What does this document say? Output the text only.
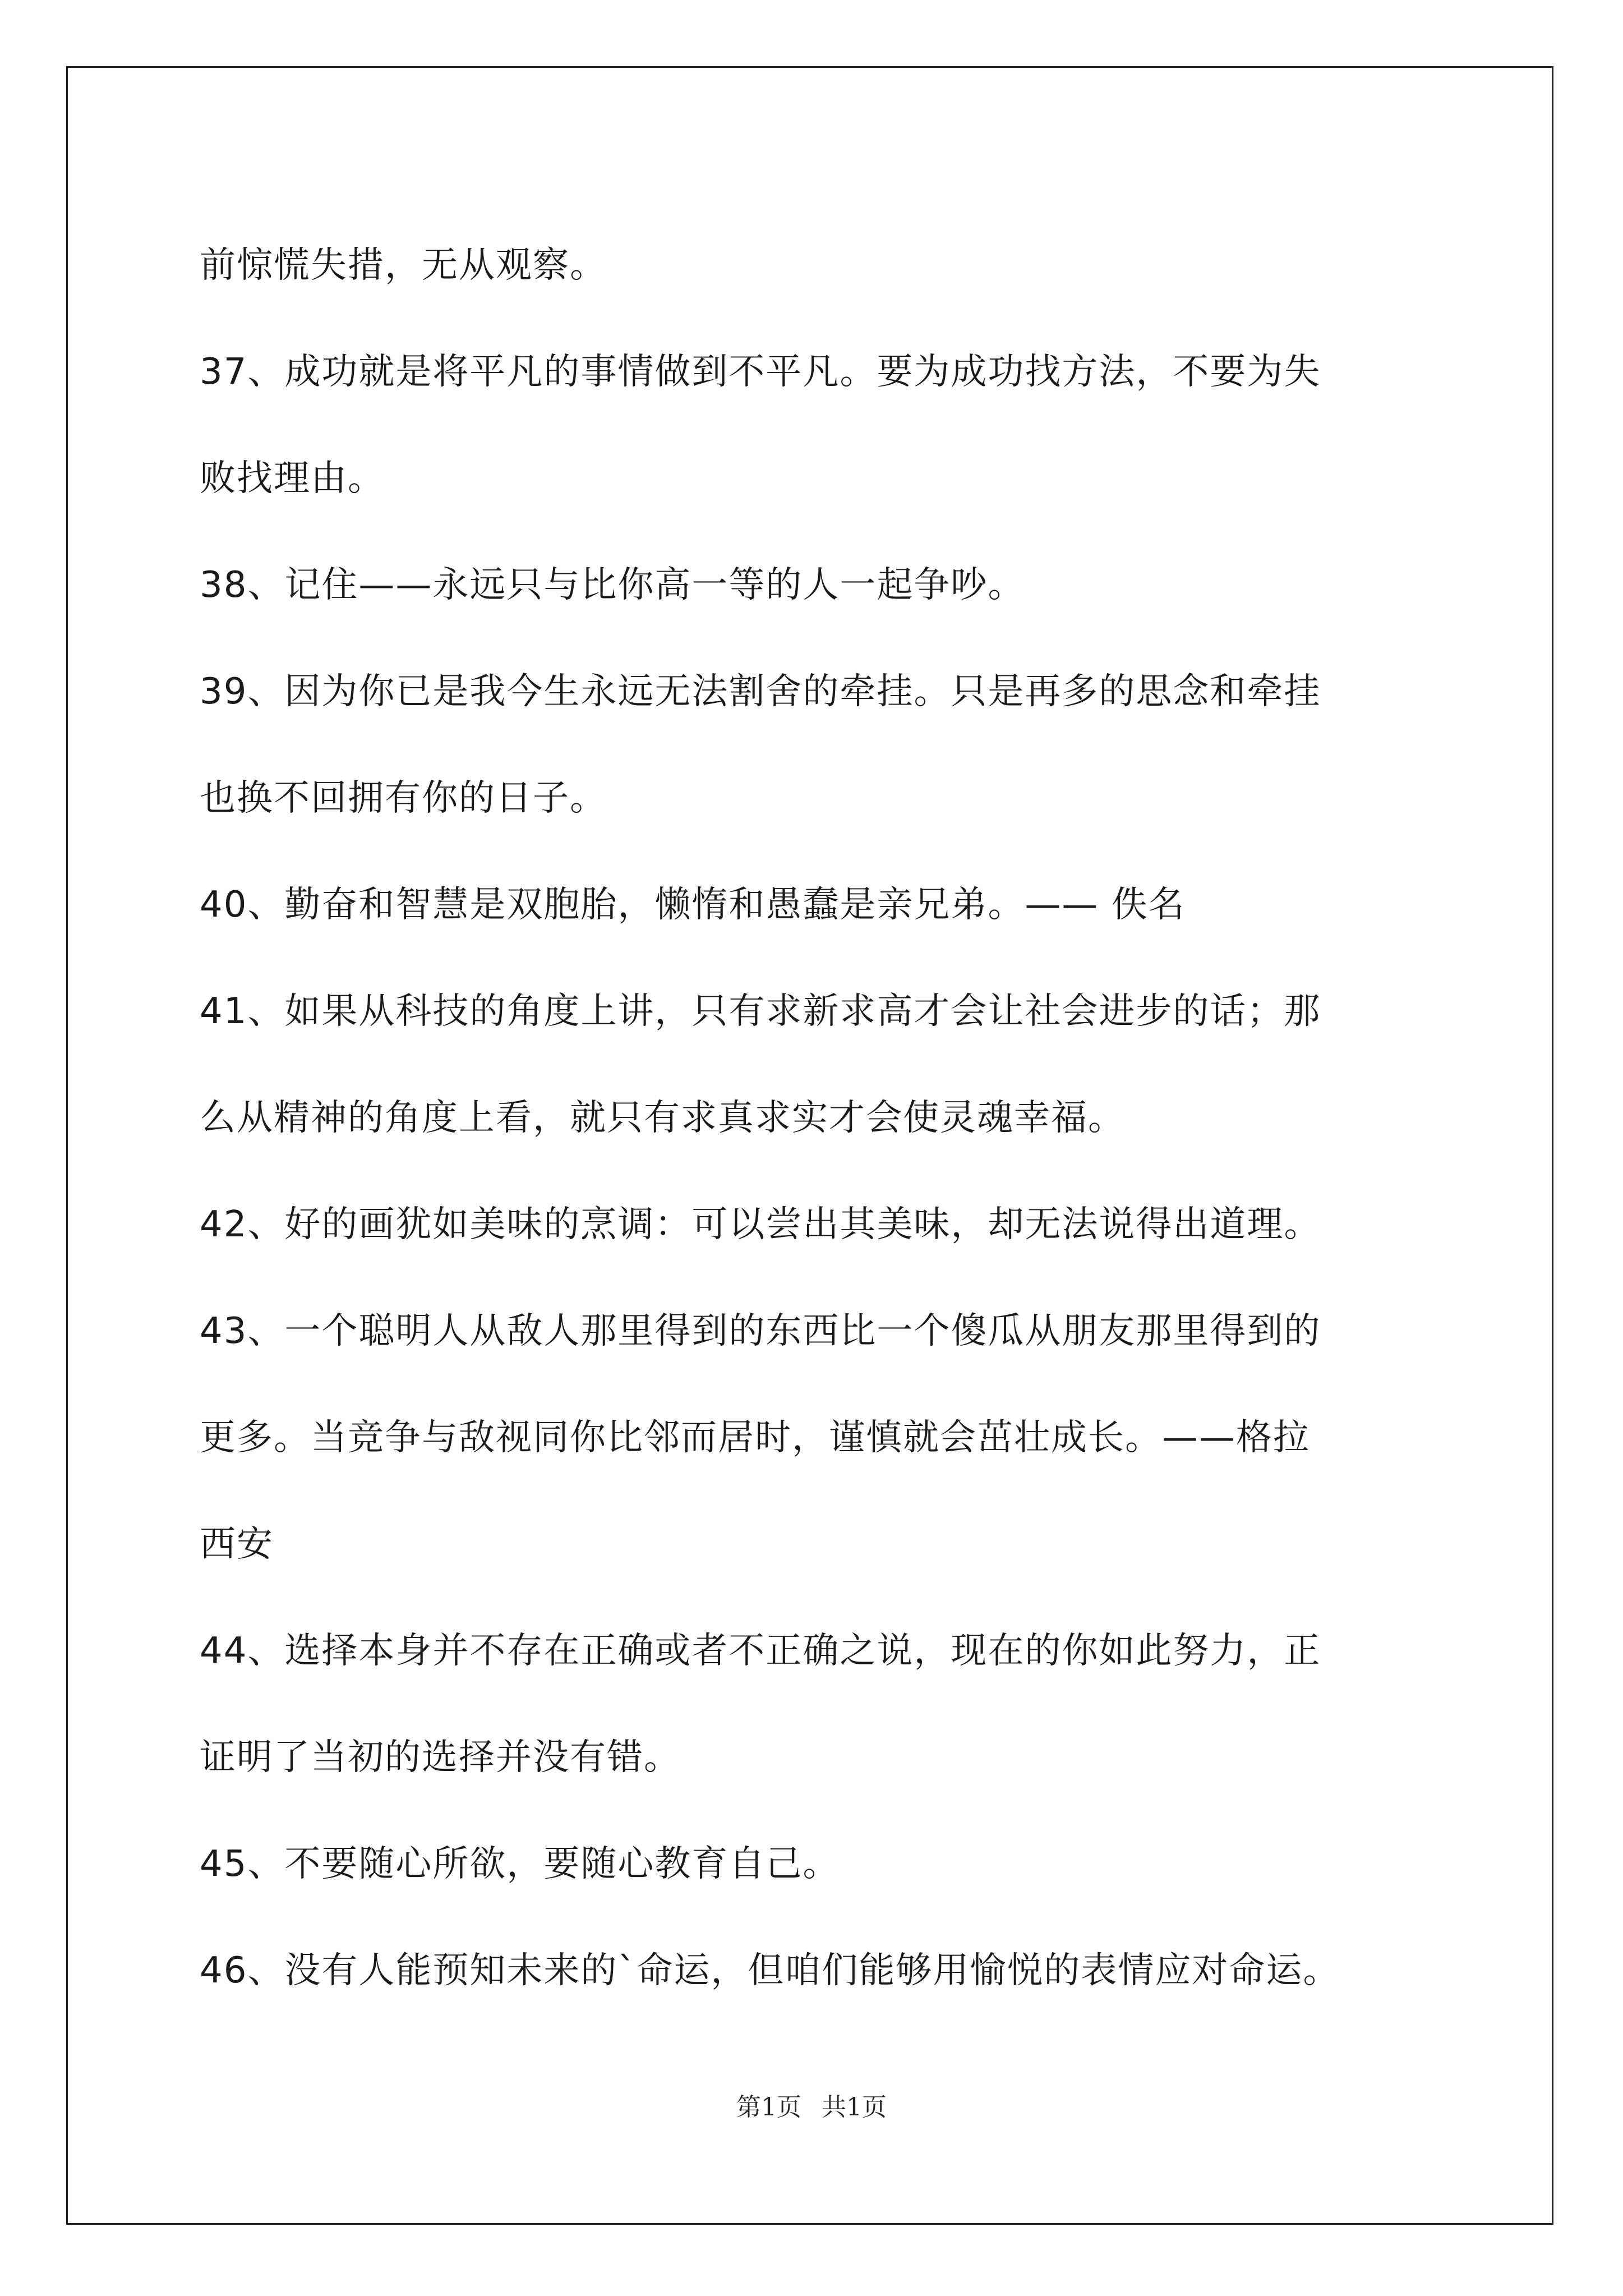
前惊慌失措，无从观察。
37、成功就是将平凡的事情做到不平凡。要为成功找方法，不要为失
败找理由。
38、记住——永远只与比你高一等的人一起争吵。
39、因为你已是我今生永远无法割舍的牵挂。只是再多的思念和牵挂
也换不回拥有你的日子。
40、勤奋和智慧是双胞胎，懒惰和愚蠢是亲兄弟。—— 佚名
41、如果从科技的角度上讲，只有求新求高才会让社会进步的话；那
么从精神的角度上看，就只有求真求实才会使灵魂幸福。
42、好的画犹如美味的烹调：可以尝出其美味，却无法说得出道理。
43、一个聪明人从敌人那里得到的东西比一个傻瓜从朋友那里得到的
更多。当竞争与敌视同你比邻而居时，谨慎就会茁壮成长。——格拉
西安
44、选择本身并不存在正确或者不正确之说，现在的你如此努力，正
证明了当初的选择并没有错。
45、不要随心所欲，要随心教育自己。
46、没有人能预知未来的`命运，但咱们能够用愉悦的表情应对命运。
第1页 共1页
